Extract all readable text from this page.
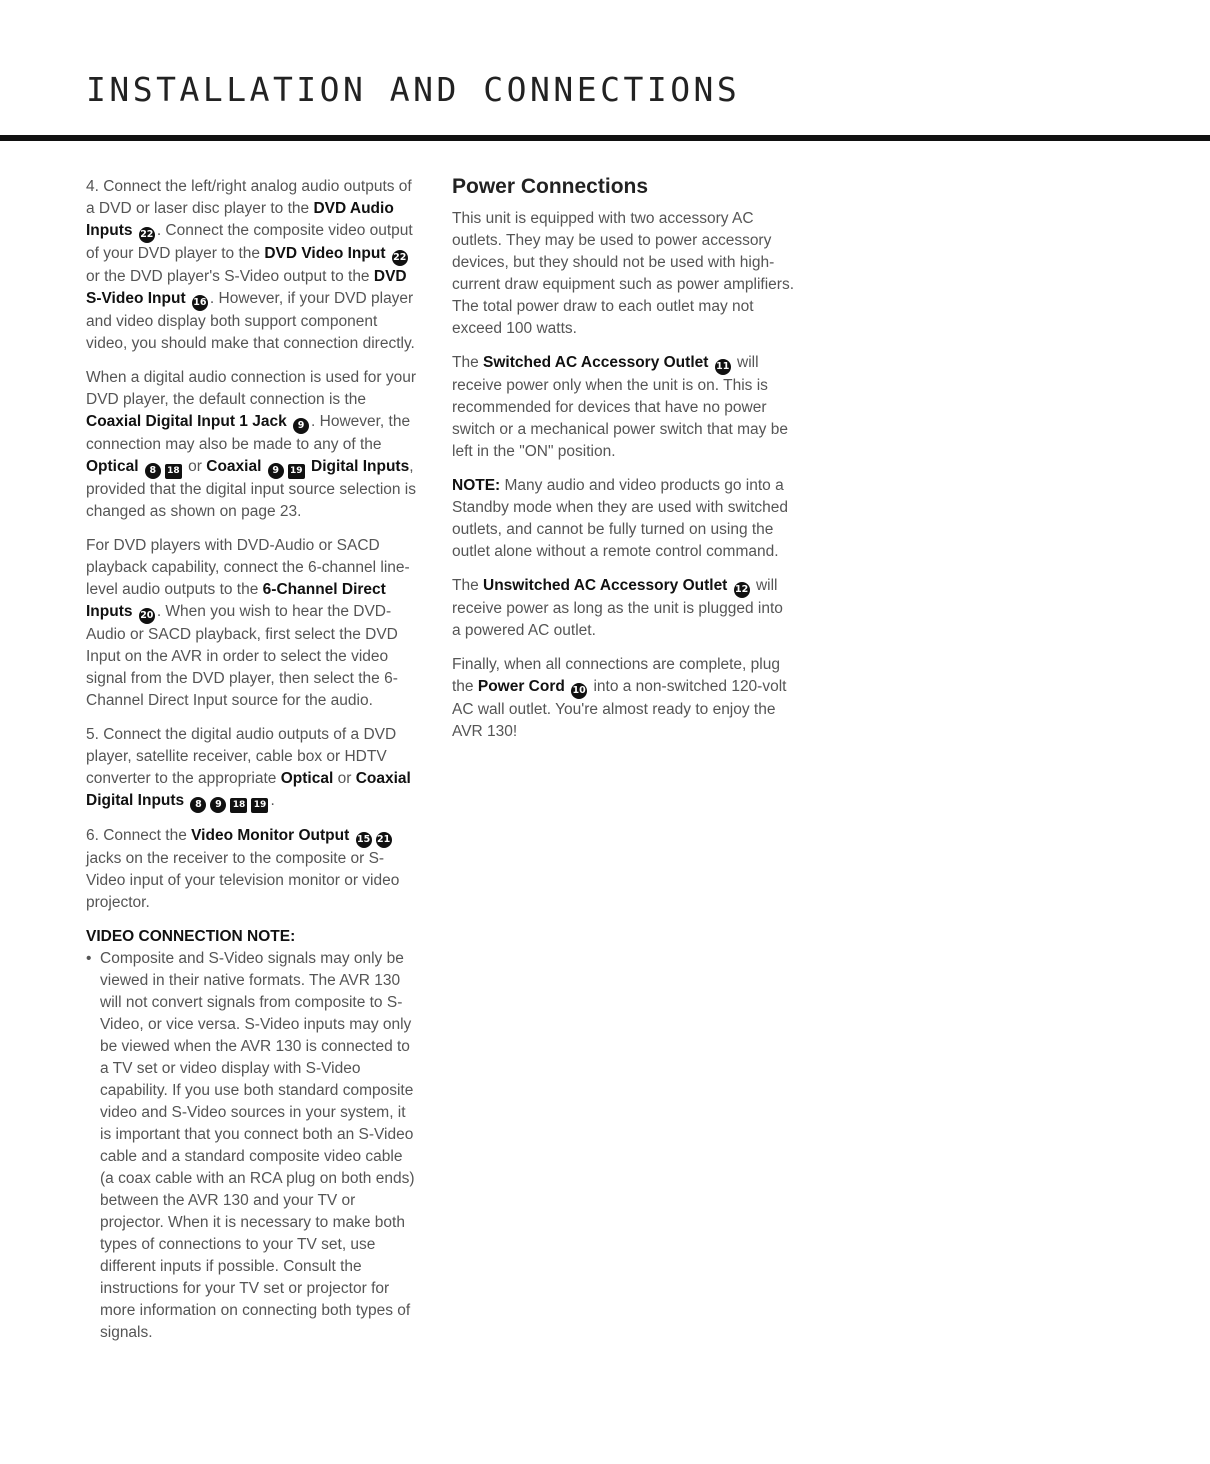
INSTALLATION AND CONNECTIONS

4. Connect the left/right analog audio outputs of a DVD or laser disc player to the DVD Audio Inputs 22 . Connect the composite video output of your DVD player to the DVD Video Input 22 or the DVD player's S-Video output to the DVD S-Video Input 16 . However, if your DVD player and video display both support component video, you should make that connection directly.

When a digital audio connection is used for your DVD player, the default connection is the Coaxial Digital Input 1 Jack 9 . However, the connection may also be made to any of the Optical 8 18 or Coaxial 9 19 Digital Inputs, provided that the digital input source selection is changed as shown on page 23.

For DVD players with DVD-Audio or SACD playback capability, connect the 6-channel line-level audio outputs to the 6-Channel Direct Inputs 20 . When you wish to hear the DVD-Audio or SACD playback, first select the DVD Input on the AVR in order to select the video signal from the DVD player, then select the 6-Channel Direct Input source for the audio.

5. Connect the digital audio outputs of a DVD player, satellite receiver, cable box or HDTV converter to the appropriate Optical or Coaxial Digital Inputs 8 9 18 19 .

6. Connect the Video Monitor Output 15 21 jacks on the receiver to the composite or S-Video input of your television monitor or video projector.

VIDEO CONNECTION NOTE:
• Composite and S-Video signals may only be viewed in their native formats. The AVR 130 will not convert signals from composite to S-Video, or vice versa. S-Video inputs may only be viewed when the AVR 130 is connected to a TV set or video display with S-Video capability. If you use both standard composite video and S-Video sources in your system, it is important that you connect both an S-Video cable and a standard composite video cable (a coax cable with an RCA plug on both ends) between the AVR 130 and your TV or projector. When it is necessary to make both types of connections to your TV set, use different inputs if possible. Consult the instructions for your TV set or projector for more information on connecting both types of signals.
Power Connections

This unit is equipped with two accessory AC outlets. They may be used to power accessory devices, but they should not be used with high-current draw equipment such as power amplifiers. The total power draw to each outlet may not exceed 100 watts.

The Switched AC Accessory Outlet 11 will receive power only when the unit is on. This is recommended for devices that have no power switch or a mechanical power switch that may be left in the "ON" position.

NOTE: Many audio and video products go into a Standby mode when they are used with switched outlets, and cannot be fully turned on using the outlet alone without a remote control command.

The Unswitched AC Accessory Outlet 12 will receive power as long as the unit is plugged into a powered AC outlet.

Finally, when all connections are complete, plug the Power Cord 10 into a non-switched 120-volt AC wall outlet. You're almost ready to enjoy the AVR 130!
